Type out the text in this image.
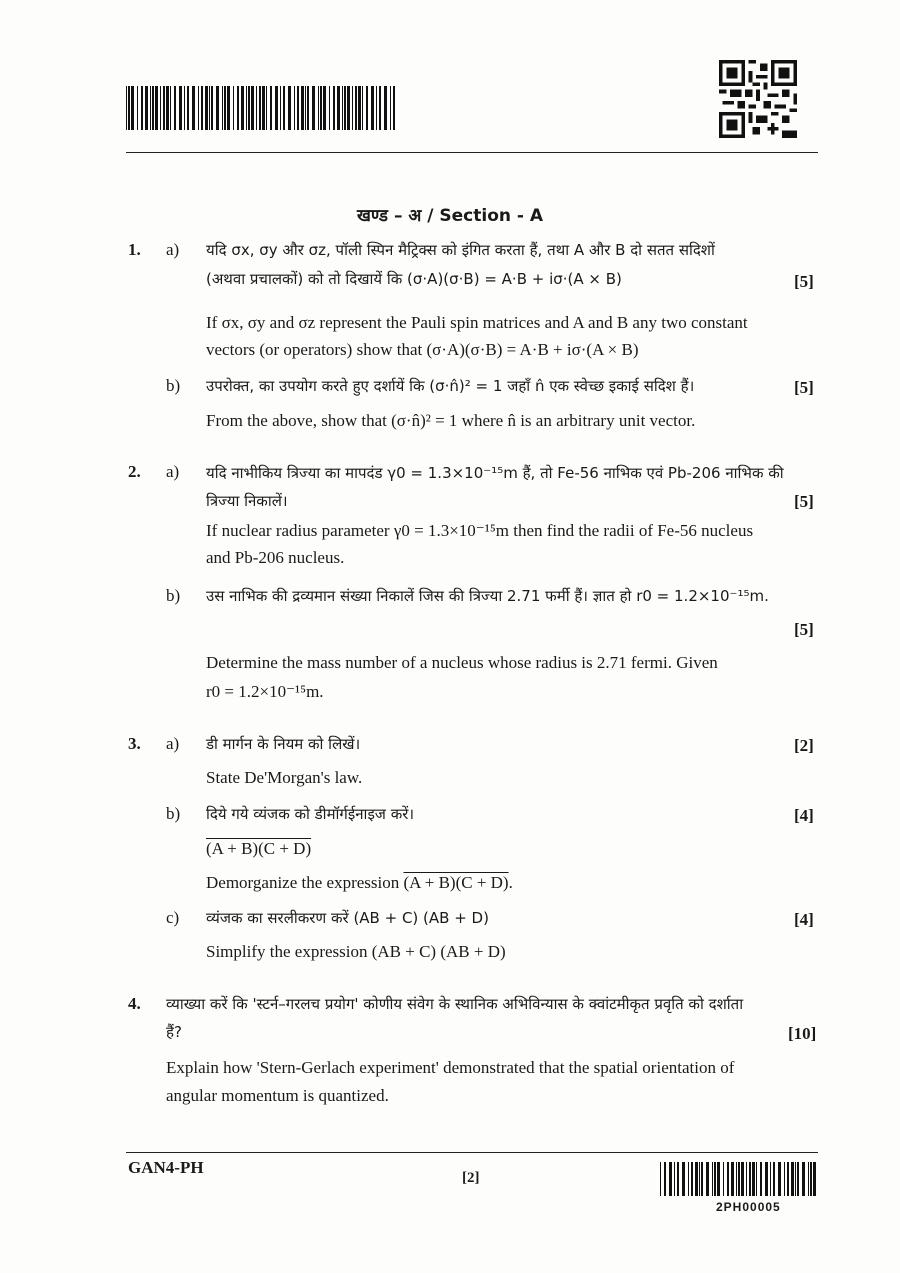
खण्ड – अ / Section - A
1. a) यदि σx, σy और σz, पॉली स्पिन मैट्रिक्स को इंगित करता हैं, तथा A और B दो सतत सदिशों
(अथवा प्रचालकों) को तो दिखायें कि (σ·A)(σ·B) = A·B + iσ·(A × B)	[5]
If σx, σy and σz represent the Pauli spin matrices and A and B any two constant
vectors (or operators) show that (σ·A)(σ·B) = A·B + iσ·(A × B)
b) उपरोक्त, का उपयोग करते हुए दर्शायें कि (σ·n̂)² = 1 जहाँ n̂ एक स्वेच्छ इकाई सदिश हैं।	[5]
From the above, show that (σ·n̂)² = 1 where n̂ is an arbitrary unit vector.
2. a) यदि नाभीकिय त्रिज्या का मापदंड γ0 = 1.3×10⁻¹⁵m हैं, तो Fe-56 नाभिक एवं Pb-206 नाभिक की
त्रिज्या निकालें।	[5]
If nuclear radius parameter γ0 = 1.3×10⁻¹⁵m then find the radii of Fe-56 nucleus
and Pb-206 nucleus.
b) उस नाभिक की द्रव्यमान संख्या निकालें जिस की त्रिज्या 2.71 फर्मी हैं। ज्ञात हो r0 = 1.2×10⁻¹⁵m.
[5]
Determine the mass number of a nucleus whose radius is 2.71 fermi. Given
r0 = 1.2×10⁻¹⁵m.
3. a) डी मार्गन के नियम को लिखें।	[2]
State De'Morgan's law.
b) दिये गये व्यंजक को डीमॉर्गईनाइज करें।	[4]
(A + B)(C + D)
Demorganize the expression (A + B)(C + D).
c) व्यंजक का सरलीकरण करें (AB + C) (AB + D)	[4]
Simplify the expression (AB + C) (AB + D)
4. व्याख्या करें कि 'स्टर्न–गरलच प्रयोग' कोणीय संवेग के स्थानिक अभिविन्यास के क्वांटमीकृत प्रवृति को दर्शाता
हैं?	[10]
Explain how 'Stern-Gerlach experiment' demonstrated that the spatial orientation of
angular momentum is quantized.
GAN4-PH
[2]
2PH00005
